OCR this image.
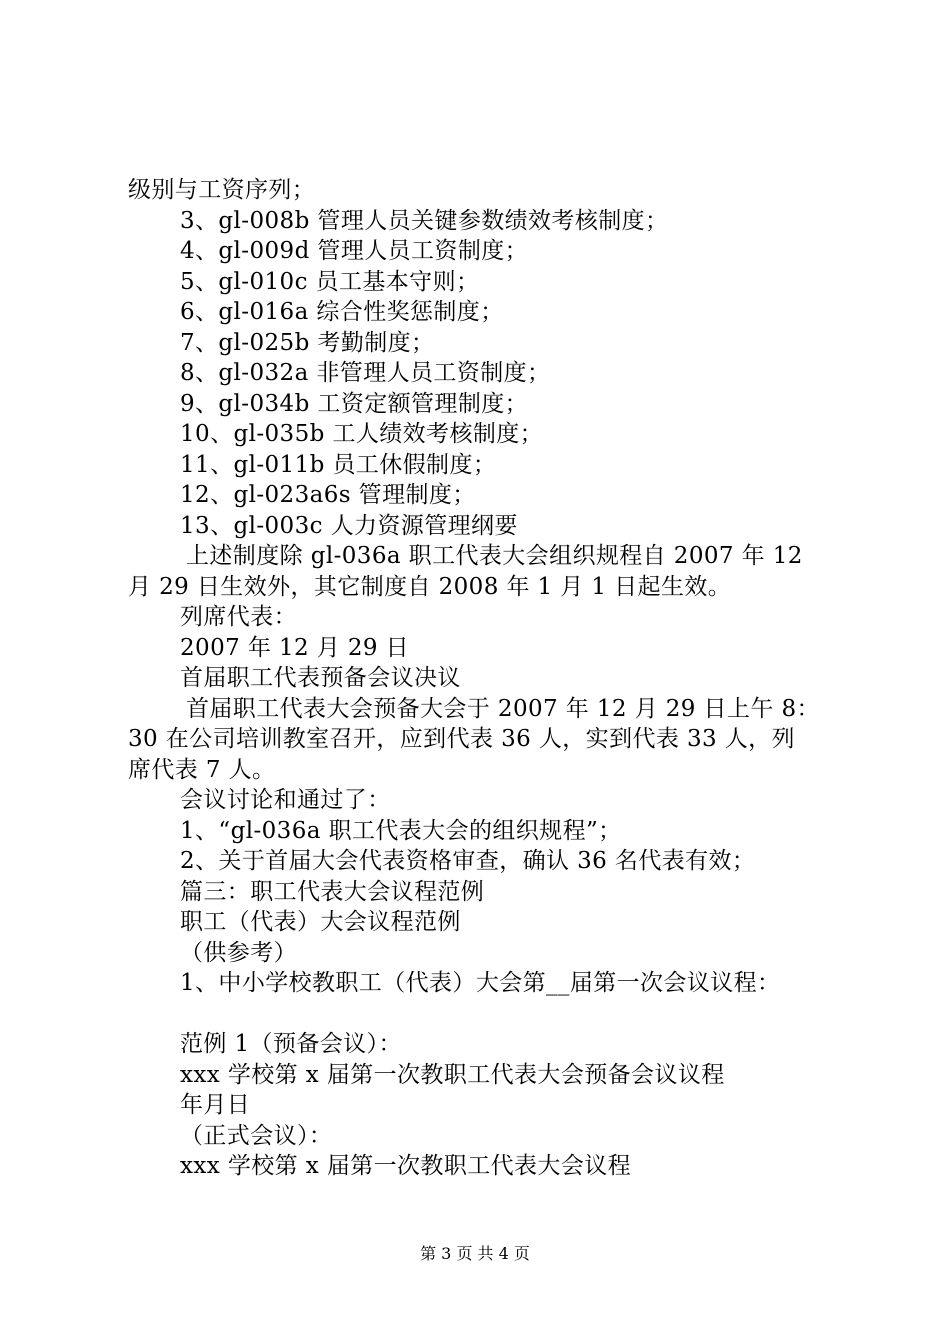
级别与工资序列；
3、gl-008b 管理人员关键参数绩效考核制度；
4、gl-009d 管理人员工资制度；
5、gl-010c 员工基本守则；
6、gl-016a 综合性奖惩制度；
7、gl-025b 考勤制度；
8、gl-032a 非管理人员工资制度；
9、gl-034b 工资定额管理制度；
10、gl-035b 工人绩效考核制度；
11、gl-011b 员工休假制度；
12、gl-023a6s 管理制度；
13、gl-003c 人力资源管理纲要
上述制度除 gl-036a 职工代表大会组织规程自 2007 年 12
月 29 日生效外，其它制度自 2008 年 1 月 1 日起生效。
列席代表：
2007 年 12 月 29 日
首届职工代表预备会议决议
首届职工代表大会预备大会于 2007 年 12 月 29 日上午 8：
30 在公司培训教室召开，应到代表 36 人，实到代表 33 人，列
席代表 7 人。
会议讨论和通过了：
1、“gl-036a 职工代表大会的组织规程”；
2、关于首届大会代表资格审查，确认 36 名代表有效；
篇三：职工代表大会议程范例
职工（代表）大会议程范例
（供参考）
1、中小学校教职工（代表）大会第__届第一次会议议程：
范例 1（预备会议）：
xxx 学校第 x 届第一次教职工代表大会预备会议议程
年月日
（正式会议）：
xxx 学校第 x 届第一次教职工代表大会议程
第 3 页 共 4 页
